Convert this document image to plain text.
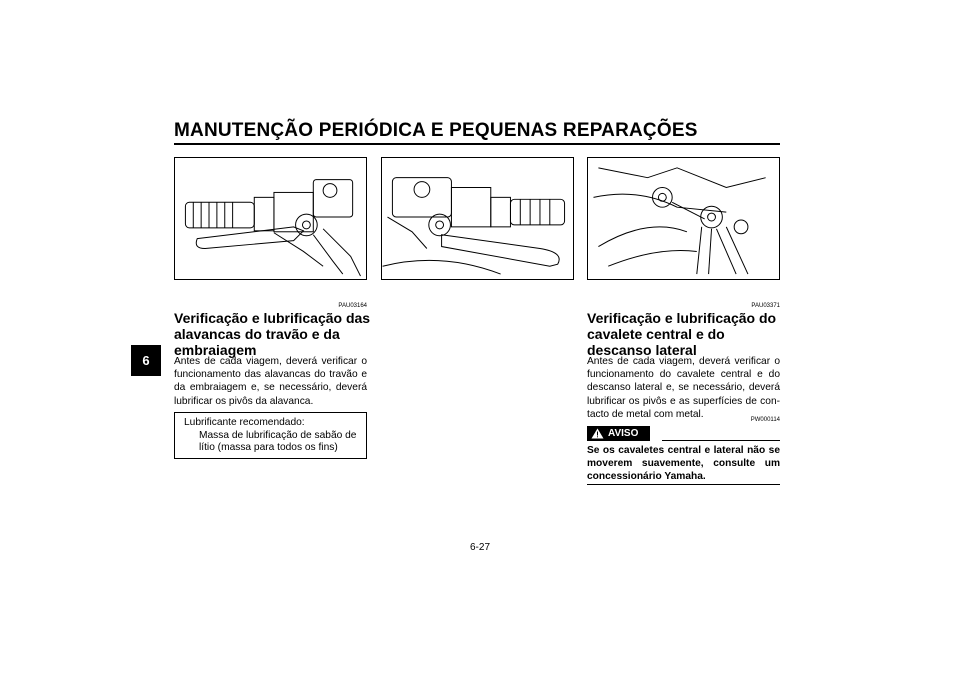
MANUTENÇÃO PERIÓDICA E PEQUENAS REPARAÇÕES
6
PAU03164
Verificação e lubrificação das alavancas do travão e da embraiagem
Antes de cada viagem, deverá verificar o funcionamento das alavancas do travão e da embraiagem e, se necessário, deverá lubrificar os pivôs da alavanca.
Lubrificante recomendado:
Massa de lubrificação de sabão de lítio (massa para todos os fins)
PAU03371
Verificação e lubrificação do cavalete central e do descanso lateral
Antes de cada viagem, deverá verificar o funcionamento do cavalete central e do descanso lateral e, se necessário, deverá lubrificar os pivôs e as superfícies de con-tacto de metal com metal.
PW000114
AVISO
Se os cavaletes central e lateral não se moverem suavemente, consulte um concessionário Yamaha.
6-27
